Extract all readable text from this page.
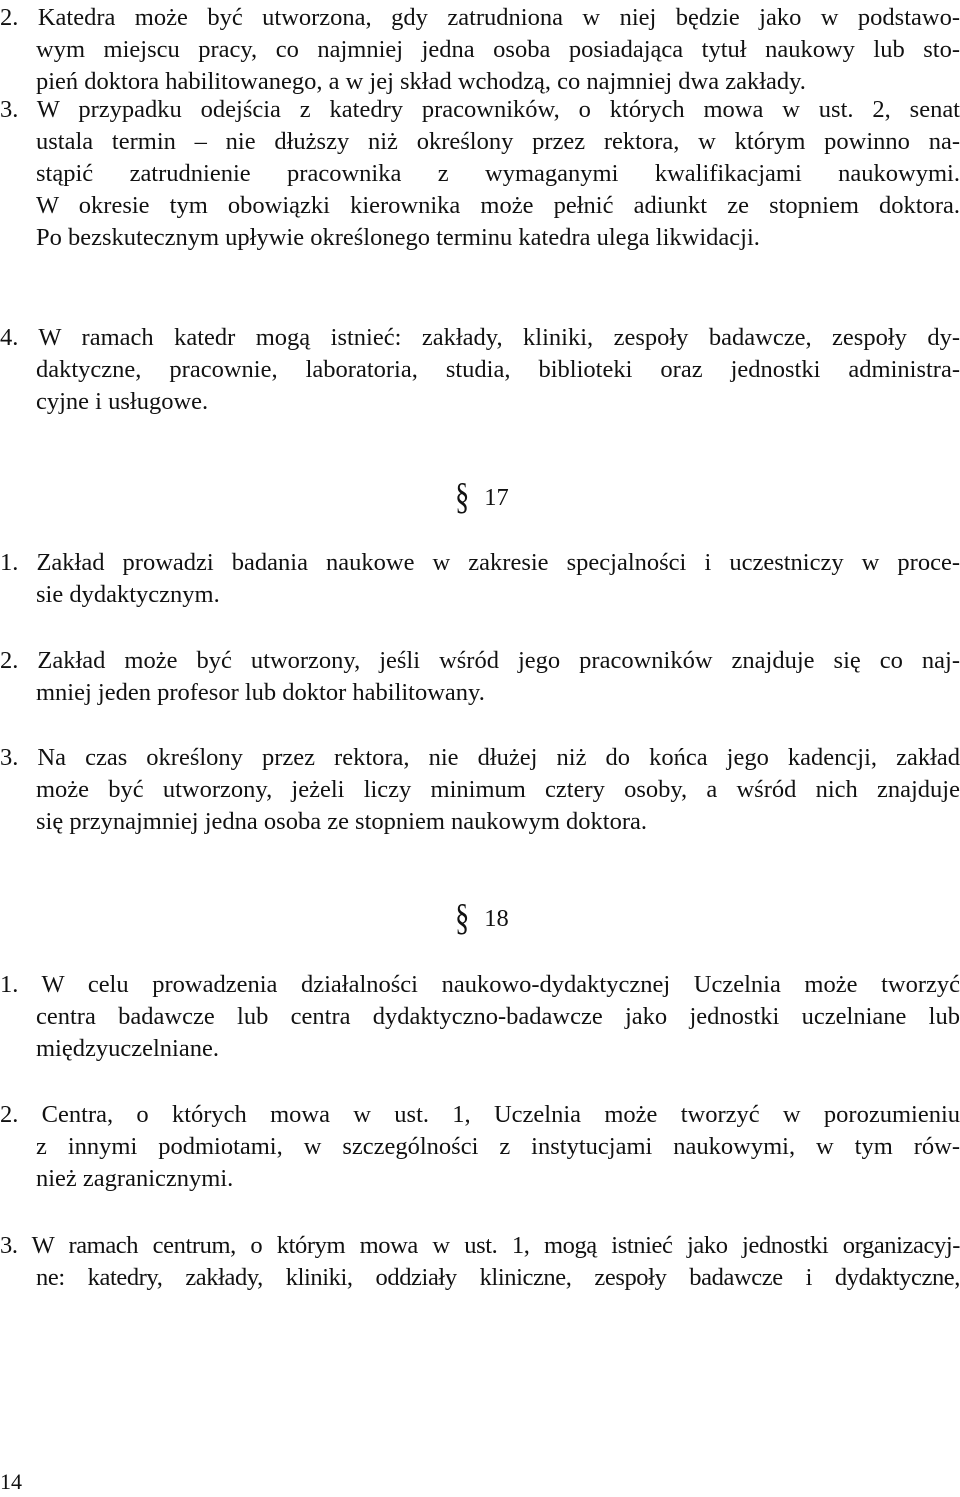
2. Katedra może być utworzona, gdy zatrudniona w niej będzie jako w podstawo-
wym miejscu pracy, co najmniej jedna osoba posiadająca tytuł naukowy lub sto-
pień doktora habilitowanego, a w jej skład wchodzą, co najmniej dwa zakłady.
3. W przypadku odejścia z katedry pracowników, o których mowa w ust. 2, senat
ustala termin – nie dłuższy niż określony przez rektora, w którym powinno na-
stąpić zatrudnienie pracownika z wymaganymi kwalifikacjami naukowymi.
W okresie tym obowiązki kierownika może pełnić adiunkt ze stopniem doktora.
Po bezskutecznym upływie określonego terminu katedra ulega likwidacji.
4. W ramach katedr mogą istnieć: zakłady, kliniki, zespoły badawcze, zespoły dy-
daktyczne, pracownie, laboratoria, studia, biblioteki oraz jednostki administra-
cyjne i usługowe.
§ 17
1. Zakład prowadzi badania naukowe w zakresie specjalności i uczestniczy w proce-
sie dydaktycznym.
2. Zakład może być utworzony, jeśli wśród jego pracowników znajduje się co naj-
mniej jeden profesor lub doktor habilitowany.
3. Na czas określony przez rektora, nie dłużej niż do końca jego kadencji, zakład
może być utworzony, jeżeli liczy minimum cztery osoby, a wśród nich znajduje
się przynajmniej jedna osoba ze stopniem naukowym doktora.
§ 18
1. W celu prowadzenia działalności naukowo-dydaktycznej Uczelnia może tworzyć
centra badawcze lub centra dydaktyczno-badawcze jako jednostki uczelniane lub
międzyuczelniane.
2. Centra, o których mowa w ust. 1, Uczelnia może tworzyć w porozumieniu
z innymi podmiotami, w szczególności z instytucjami naukowymi, w tym rów-
nież zagranicznymi.
3. W ramach centrum, o którym mowa w ust. 1, mogą istnieć jako jednostki organizacyj-
ne: katedry, zakłady, kliniki, oddziały kliniczne, zespoły badawcze i dydaktyczne,
14
